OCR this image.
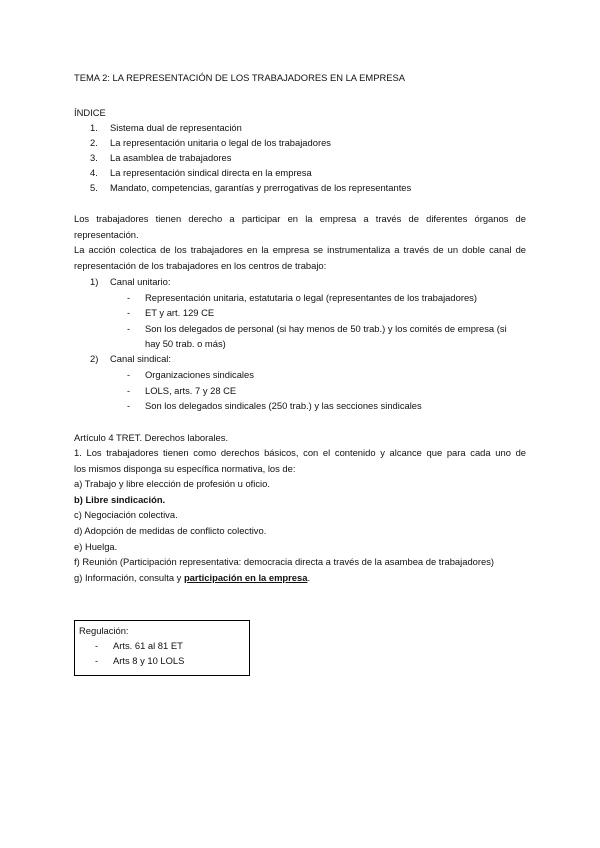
TEMA 2: LA REPRESENTACIÓN DE LOS TRABAJADORES EN LA EMPRESA
ÍNDICE
1. Sistema dual de representación
2. La representación unitaria o legal de los trabajadores
3. La asamblea de trabajadores
4. La representación sindical directa en la empresa
5. Mandato, competencias, garantías y prerrogativas de los representantes
Los trabajadores tienen derecho a participar en la empresa a través de diferentes órganos de
representación.
La acción colectica de los trabajadores en la empresa se instrumentaliza a través de un doble canal de
representación de los trabajadores en los centros de trabajo:
1) Canal unitario:
- Representación unitaria, estatutaria o legal (representantes de los trabajadores)
- ET y art. 129 CE
- Son los delegados de personal (si hay menos de 50 trab.) y los comités de empresa (si
hay 50 trab. o más)
2) Canal sindical:
- Organizaciones sindicales
- LOLS, arts. 7 y 28 CE
- Son los delegados sindicales (250 trab.) y las secciones sindicales
Artículo 4 TRET. Derechos laborales.
1. Los trabajadores tienen como derechos básicos, con el contenido y alcance que para cada uno de
los mismos disponga su específica normativa, los de:
a) Trabajo y libre elección de profesión u oficio.
b) Libre sindicación.
c) Negociación colectiva.
d) Adopción de medidas de conflicto colectivo.
e) Huelga.
f) Reunión (Participación representativa: democracia directa a través de la asambea de trabajadores)
g) Información, consulta y participación en la empresa.
Regulación:
- Arts. 61 al 81 ET
- Arts 8 y 10 LOLS
